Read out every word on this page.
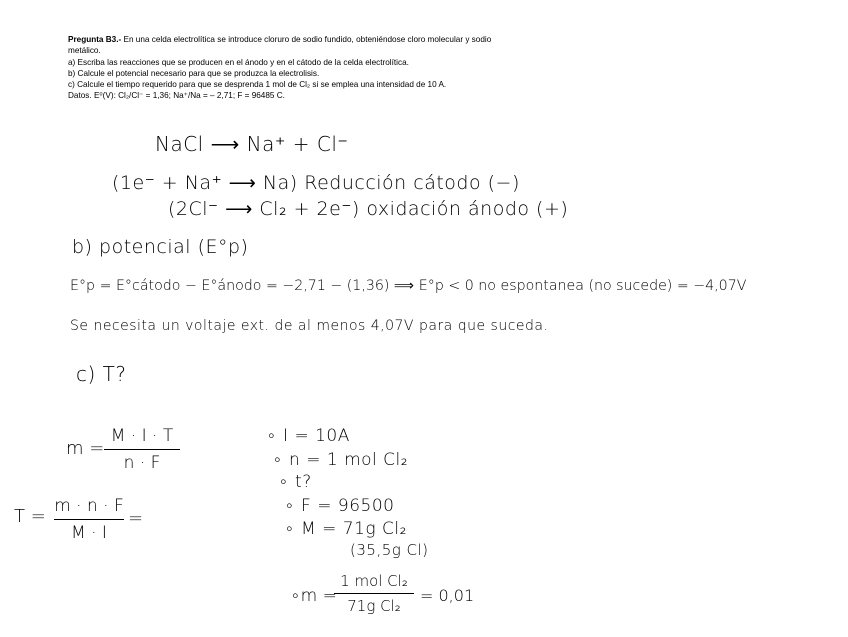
Pregunta B3.- En una celda electrolítica se introduce cloruro de sodio fundido, obteniéndose cloro molecular y sodio metálico.

a) Escriba las reacciones que se producen en el ánodo y en el cátodo de la celda electrolítica.

b) Calcule el potencial necesario para que se produzca la electrolisis.

c) Calcule el tiempo requerido para que se desprenda 1 mol de Cl₂ si se emplea una intensidad de 10 A.

Datos. E⁰(V): Cl₂/Cl⁻ = 1,36; Na⁺/Na = – 2,71; F = 96485 C.

NaCl ⟶ Na⁺ + Cl⁻

(1e⁻ + Na⁺ ⟶ Na) Reducción cátodo (−)

(2Cl⁻ ⟶ Cl₂ + 2e⁻) oxidación ánodo (+)

b) potencial (E°p)

E°p = E°cátodo − E°ánodo = −2,71 − (1,36) ⟹ E°p < 0 no espontanea (no sucede) = −4,07V

Se necesita un voltaje ext. de al menos 4,07V para que suceda.

c) T?

m =

M · I · T
n · F

T = m · n · F
M · I

=

∘ I = 10A

∘ n = 1 mol Cl₂

∘ t?

∘ F = 96500

∘ M = 71g Cl₂

(35,5g Cl)

∘m =

1 mol Cl₂
71g Cl₂

= 0,01
